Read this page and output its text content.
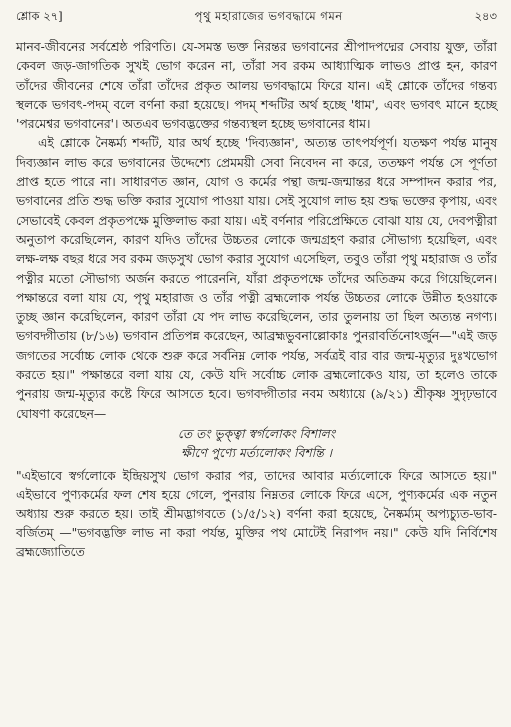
শ্লোক ২৭]	পৃথু মহারাজের ভগবদ্ধামে গমন	২৪৩

মানব-জীবনের সর্বশ্রেষ্ঠ পরিণতি। যে-সমস্ত ভক্ত নিরন্তর ভগবানের শ্রীপাদপদ্মের সেবায় যুক্ত, তাঁরা কেবল জড়-জাগতিক সুখই ভোগ করেন না, তাঁরা সব রকম আধ্যাত্মিক লাভও প্রাপ্ত হন, কারণ তাঁদের জীবনের শেষে তাঁরা তাঁদের প্রকৃত আলয় ভগবদ্ধামে ফিরে যান। এই শ্লোকে তাঁদের গন্তব্য স্থলকে ভগবৎ-পদম্ বলে বর্ণনা করা হয়েছে। পদম্ শব্দটির অর্থ হচ্ছে 'ধাম', এবং ভগবৎ মানে হচ্ছে 'পরমেশ্বর ভগবানের'। অতএব ভগবদ্ভক্তের গন্তব্যস্থল হচ্ছে ভগবানের ধাম।

এই শ্লোকে নৈষ্কর্ম্য শব্দটি, যার অর্থ হচ্ছে 'দিব্যজ্ঞান', অত্যন্ত তাৎপর্যপূর্ণ। যতক্ষণ পর্যন্ত মানুষ দিব্যজ্ঞান লাভ করে ভগবানের উদ্দেশ্যে প্রেমময়ী সেবা নিবেদন না করে, ততক্ষণ পর্যন্ত সে পূর্ণতা প্রাপ্ত হতে পারে না। সাধারণত জ্ঞান, যোগ ও কর্মের পন্থা জন্ম-জন্মান্তর ধরে সম্পাদন করার পর, ভগবানের প্রতি শুদ্ধ ভক্তি করার সুযোগ পাওয়া যায়। সেই সুযোগ লাভ হয় শুদ্ধ ভক্তের কৃপায়, এবং সেভাবেই কেবল প্রকৃতপক্ষে মুক্তিলাভ করা যায়। এই বর্ণনার পরিপ্রেক্ষিতে বোঝা যায় যে, দেবপত্নীরা অনুতাপ করেছিলেন, কারণ যদিও তাঁদের উচ্চতর লোকে জন্মগ্রহণ করার সৌভাগ্য হয়েছিল, এবং লক্ষ-লক্ষ বছর ধরে সব রকম জড়সুখ ভোগ করার সুযোগ এসেছিল, তবুও তাঁরা পৃথু মহারাজ ও তাঁর পত্নীর মতো সৌভাগ্য অর্জন করতে পারেননি, যাঁরা প্রকৃতপক্ষে তাঁদের অতিক্রম করে গিয়েছিলেন। পক্ষান্তরে বলা যায় যে, পৃথু মহারাজ ও তাঁর পত্নী ব্রহ্মলোক পর্যন্ত উচ্চতর লোকে উন্নীত হওয়াকে তুচ্ছ জ্ঞান করেছিলেন, কারণ তাঁরা যে পদ লাভ করেছিলেন, তার তুলনায় তা ছিল অত্যন্ত নগণ্য। ভগবদ্গীতায় (৮/১৬) ভগবান প্রতিপন্ন করেছেন, আব্রহ্মভুবনাল্লোকাঃ পুনরাবর্তিনোঽর্জুন—"এই জড় জগতের সর্বোচ্চ লোক থেকে শুরু করে সর্বনিম্ন লোক পর্যন্ত, সর্বত্রই বার বার জন্ম-মৃত্যুর দুঃখভোগ করতে হয়।" পক্ষান্তরে বলা যায় যে, কেউ যদি সর্বোচ্চ লোক ব্রহ্মলোকেও যায়, তা হলেও তাকে পুনরায় জন্ম-মৃত্যুর কষ্টে ফিরে আসতে হবে। ভগবদ্গীতার নবম অধ্যায়ে (৯/২১) শ্রীকৃষ্ণ সুদৃঢ়ভাবে ঘোষণা করেছেন—

তে তং ভুক্ত্বা স্বর্গলোকং বিশালং
ক্ষীণে পুণ্যে মর্ত্যলোকং বিশন্তি ।

"এইভাবে স্বর্গলোকে ইন্দ্রিয়সুখ ভোগ করার পর, তাদের আবার মর্ত্যলোকে ফিরে আসতে হয়।" এইভাবে পুণ্যকর্মের ফল শেষ হয়ে গেলে, পুনরায় নিম্নতর লোকে ফিরে এসে, পুণ্যকর্মের এক নতুন অধ্যায় শুরু করতে হয়। তাই শ্রীমদ্ভাগবতে (১/৫/১২) বর্ণনা করা হয়েছে, নৈষ্কর্ম্যম্ অপ্যচ্যুত-ভাব-বর্জিতম্ —"ভগবদ্ভক্তি লাভ না করা পর্যন্ত, মুক্তির পথ মোটেই নিরাপদ নয়।" কেউ যদি নির্বিশেষ ব্রহ্মজ্যোতিতে
